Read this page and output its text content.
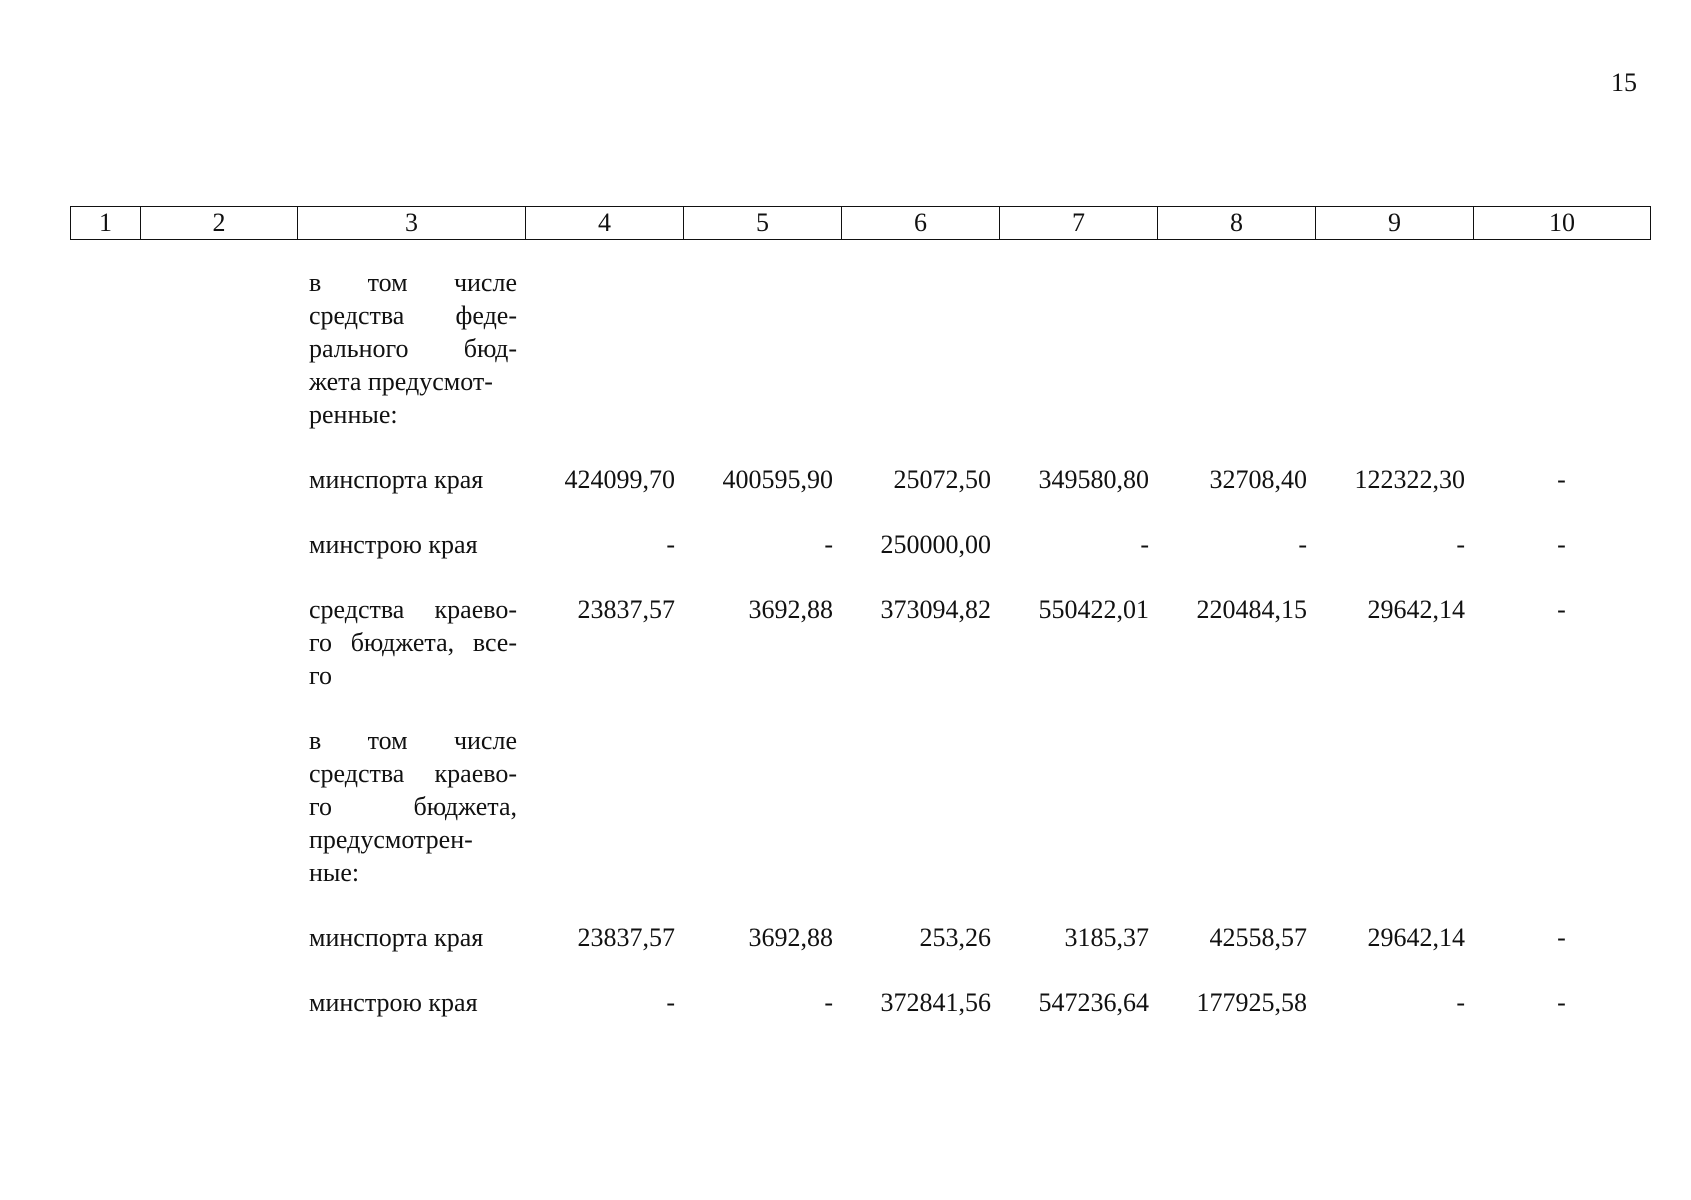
15
1	2	3	4	5	6	7	8	9	10

		в том числе
средства феде-
рального бюд-
жета предусмот-
ренные:							

		минспорта края	424099,70	400595,90	25072,50	349580,80	32708,40	122322,30	-

		минстрою края	-	-	250000,00	-	-	-	-

		средства краево-
го бюджета, все-
го	23837,57	3692,88	373094,82	550422,01	220484,15	29642,14	-

		в том числе
средства краево-
го бюджета,
предусмотрен-
ные:							

		минспорта края	23837,57	3692,88	253,26	3185,37	42558,57	29642,14	-

		минстрою края	-	-	372841,56	547236,64	177925,58	-	-
